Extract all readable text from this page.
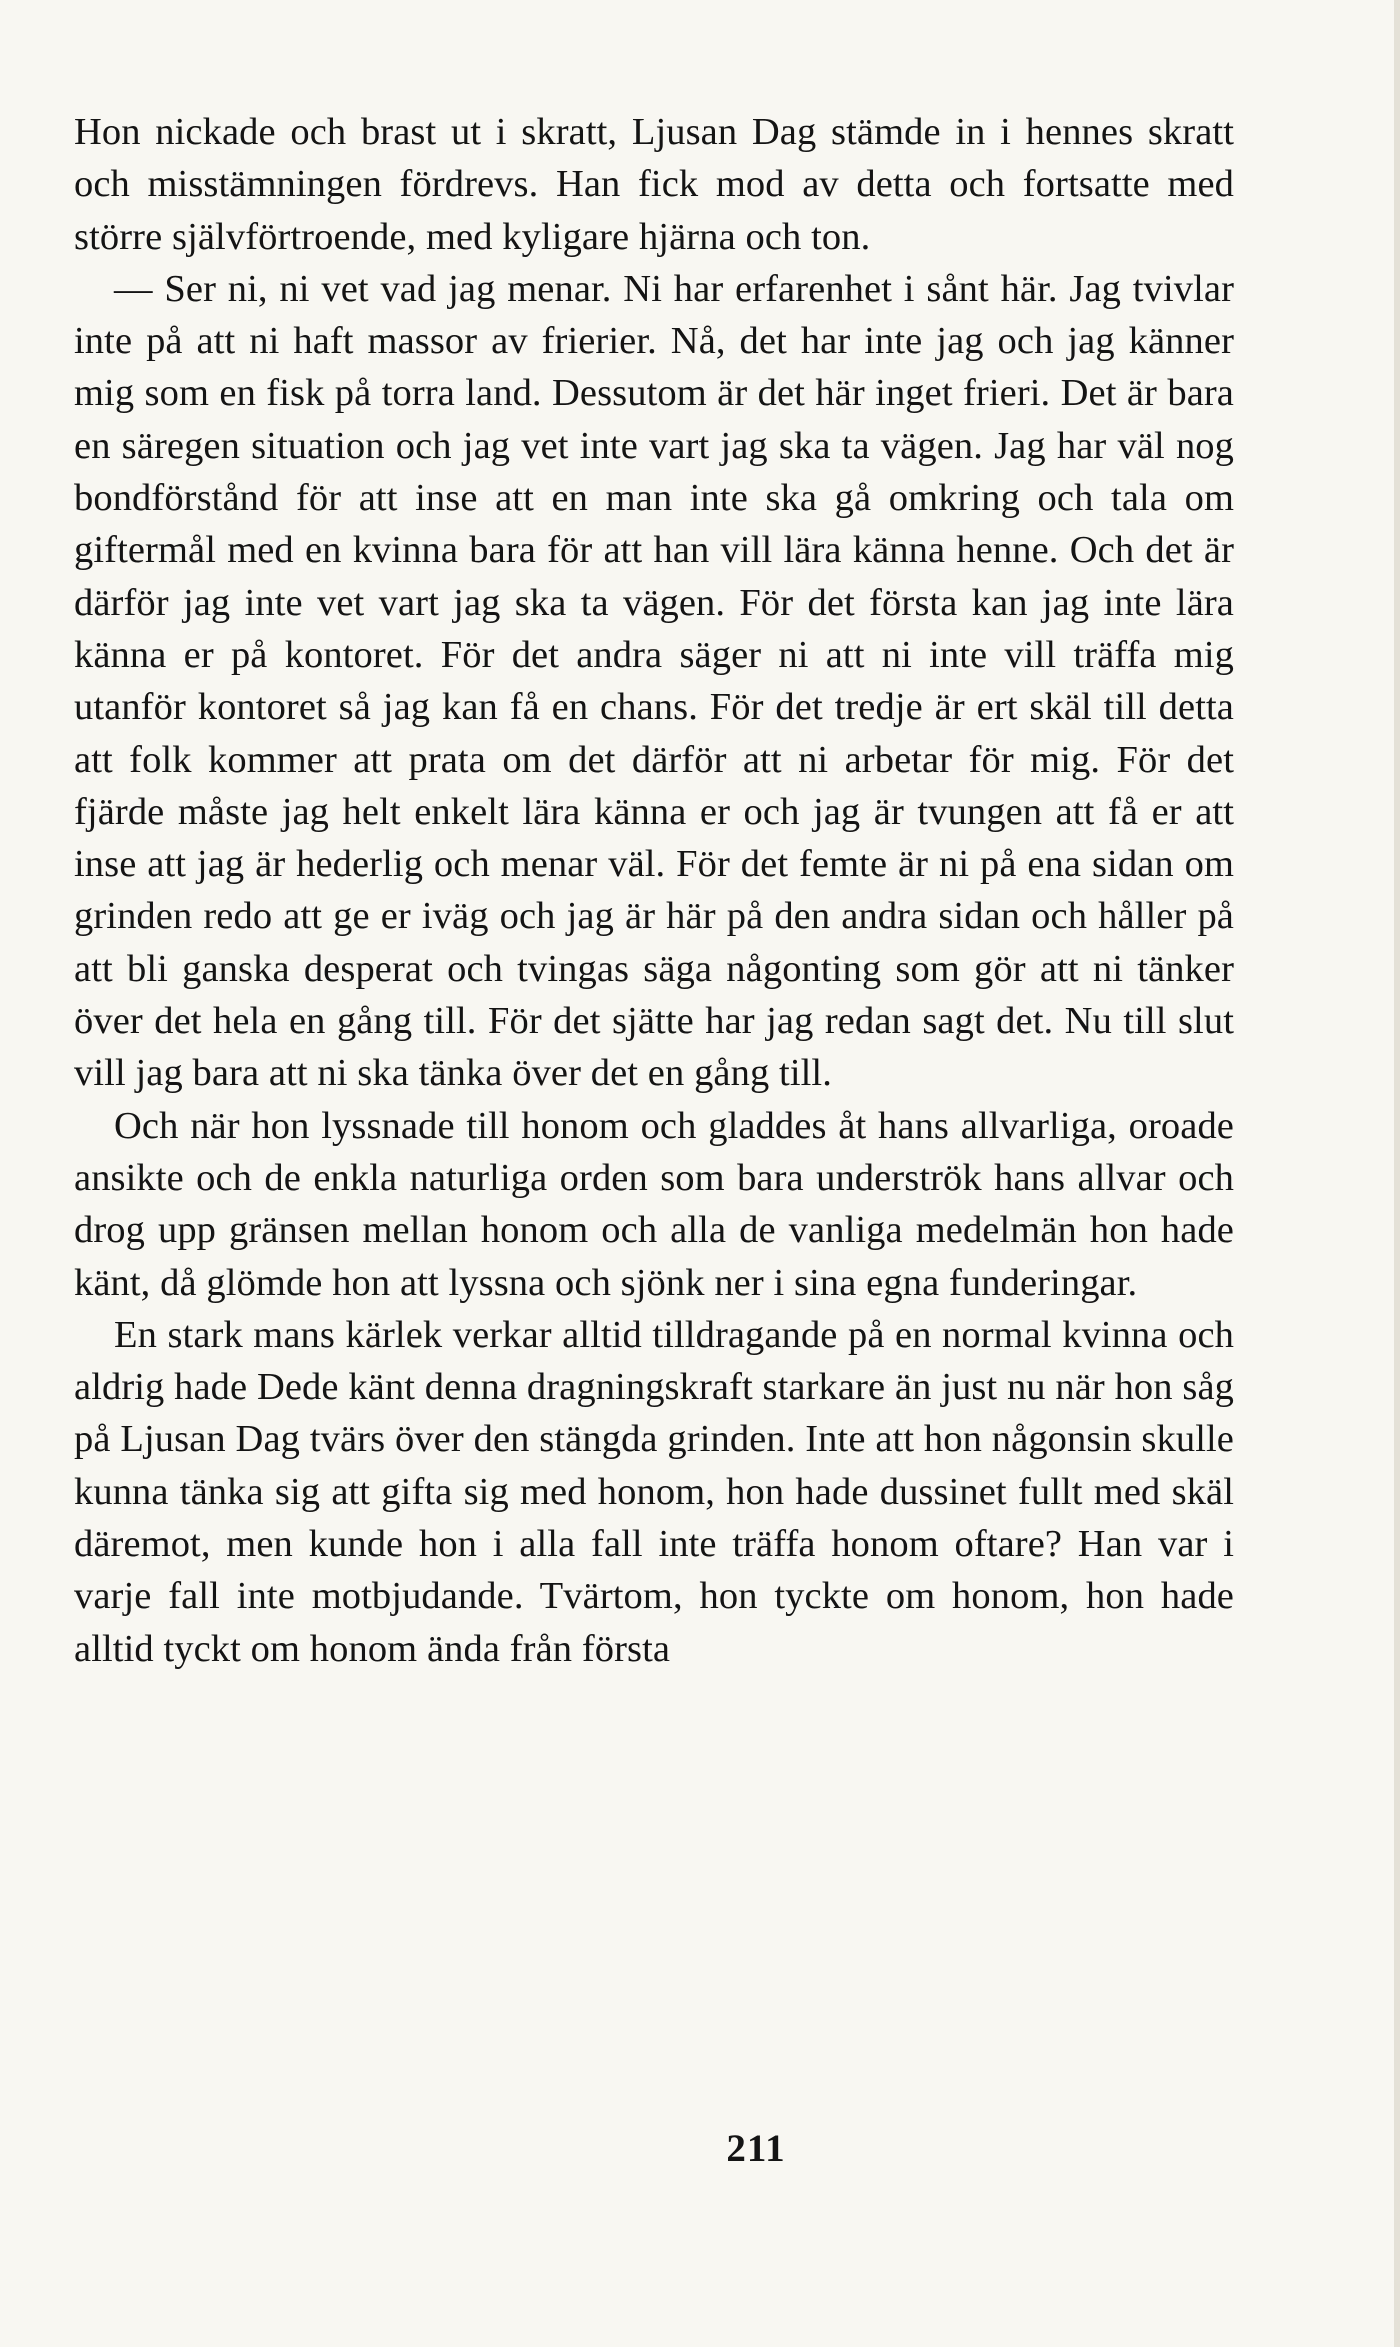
Hon nickade och brast ut i skratt, Ljusan Dag stämde in i hennes skratt och misstämningen fördrevs. Han fick mod av detta och fortsatte med större självförtroende, med kyligare hjärna och ton.

— Ser ni, ni vet vad jag menar. Ni har erfarenhet i sånt här. Jag tvivlar inte på att ni haft massor av frierier. Nå, det har inte jag och jag känner mig som en fisk på torra land. Dessutom är det här inget frieri. Det är bara en säregen situation och jag vet inte vart jag ska ta vägen. Jag har väl nog bondförstånd för att inse att en man inte ska gå omkring och tala om giftermål med en kvinna bara för att han vill lära känna henne. Och det är därför jag inte vet vart jag ska ta vägen. För det första kan jag inte lära känna er på kontoret. För det andra säger ni att ni inte vill träffa mig utanför kontoret så jag kan få en chans. För det tredje är ert skäl till detta att folk kommer att prata om det därför att ni arbetar för mig. För det fjärde måste jag helt enkelt lära känna er och jag är tvungen att få er att inse att jag är hederlig och menar väl. För det femte är ni på ena sidan om grinden redo att ge er iväg och jag är här på den andra sidan och håller på att bli ganska desperat och tvingas säga någonting som gör att ni tänker över det hela en gång till. För det sjätte har jag redan sagt det. Nu till slut vill jag bara att ni ska tänka över det en gång till.

Och när hon lyssnade till honom och gladdes åt hans allvarliga, oroade ansikte och de enkla naturliga orden som bara underströk hans allvar och drog upp gränsen mellan honom och alla de vanliga medelmän hon hade känt, då glömde hon att lyssna och sjönk ner i sina egna funderingar.

En stark mans kärlek verkar alltid tilldragande på en normal kvinna och aldrig hade Dede känt denna dragningskraft starkare än just nu när hon såg på Ljusan Dag tvärs över den stängda grinden. Inte att hon någonsin skulle kunna tänka sig att gifta sig med honom, hon hade dussinet fullt med skäl däremot, men kunde hon i alla fall inte träffa honom oftare? Han var i varje fall inte motbjudande. Tvärtom, hon tyckte om honom, hon hade alltid tyckt om honom ända från första

211
